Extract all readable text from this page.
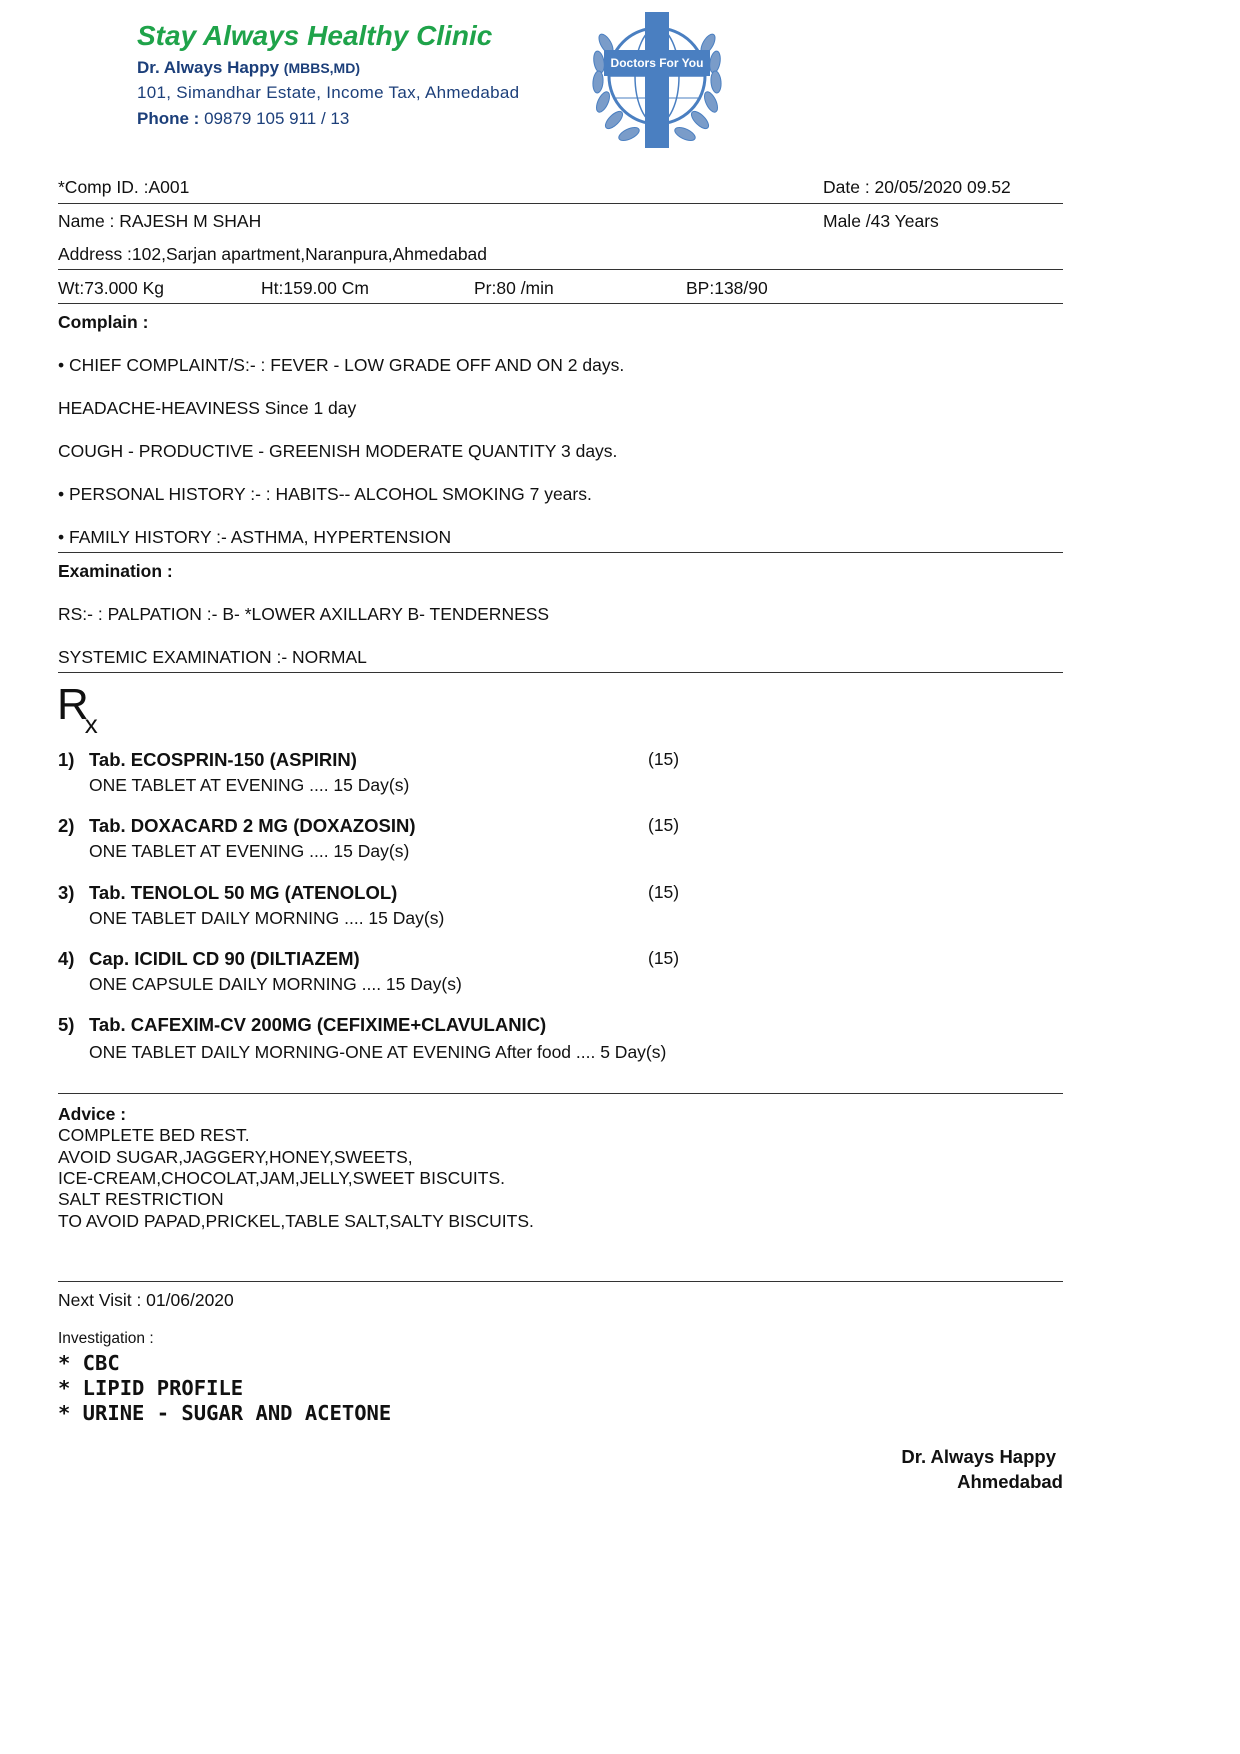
Stay Always Healthy Clinic
Dr. Always Happy (MBBS,MD)
101, Simandhar Estate, Income Tax, Ahmedabad
Phone : 09879 105 911 / 13
Doctors For You
*Comp ID. :A001	Date : 20/05/2020 09.52
Name : RAJESH M SHAH	Male /43 Years
Address :102,Sarjan apartment,Naranpura,Ahmedabad
Wt:73.000 Kg	Ht:159.00 Cm	Pr:80 /min	BP:138/90
Complain :
• CHIEF COMPLAINT/S:- : FEVER - LOW GRADE OFF AND ON 2 days.
HEADACHE-HEAVINESS Since 1 day
COUGH - PRODUCTIVE - GREENISH MODERATE QUANTITY 3 days.
• PERSONAL HISTORY :- : HABITS-- ALCOHOL SMOKING 7 years.
• FAMILY HISTORY :- ASTHMA, HYPERTENSION
Examination :
RS:- : PALPATION :- B- *LOWER AXILLARY B- TENDERNESS
SYSTEMIC EXAMINATION :- NORMAL
$R_x$
1) Tab. ECOSPRIN-150 (ASPIRIN)	(15)
ONE TABLET AT EVENING .... 15 Day(s)
2) Tab. DOXACARD 2 MG (DOXAZOSIN)	(15)
ONE TABLET AT EVENING .... 15 Day(s)
3) Tab. TENOLOL 50 MG (ATENOLOL)	(15)
ONE TABLET DAILY MORNING .... 15 Day(s)
4) Cap. ICIDIL CD 90 (DILTIAZEM)	(15)
ONE CAPSULE DAILY MORNING .... 15 Day(s)
5) Tab. CAFEXIM-CV 200MG (CEFIXIME+CLAVULANIC)
ONE TABLET DAILY MORNING-ONE AT EVENING After food .... 5 Day(s)
Advice :
COMPLETE BED REST.
AVOID SUGAR,JAGGERY,HONEY,SWEETS,
ICE-CREAM,CHOCOLAT,JAM,JELLY,SWEET BISCUITS.
SALT RESTRICTION
TO AVOID PAPAD,PRICKEL,TABLE SALT,SALTY BISCUITS.
Next Visit : 01/06/2020
Investigation :
* CBC
* LIPID PROFILE
* URINE - SUGAR AND ACETONE
Dr. Always Happy
Ahmedabad
